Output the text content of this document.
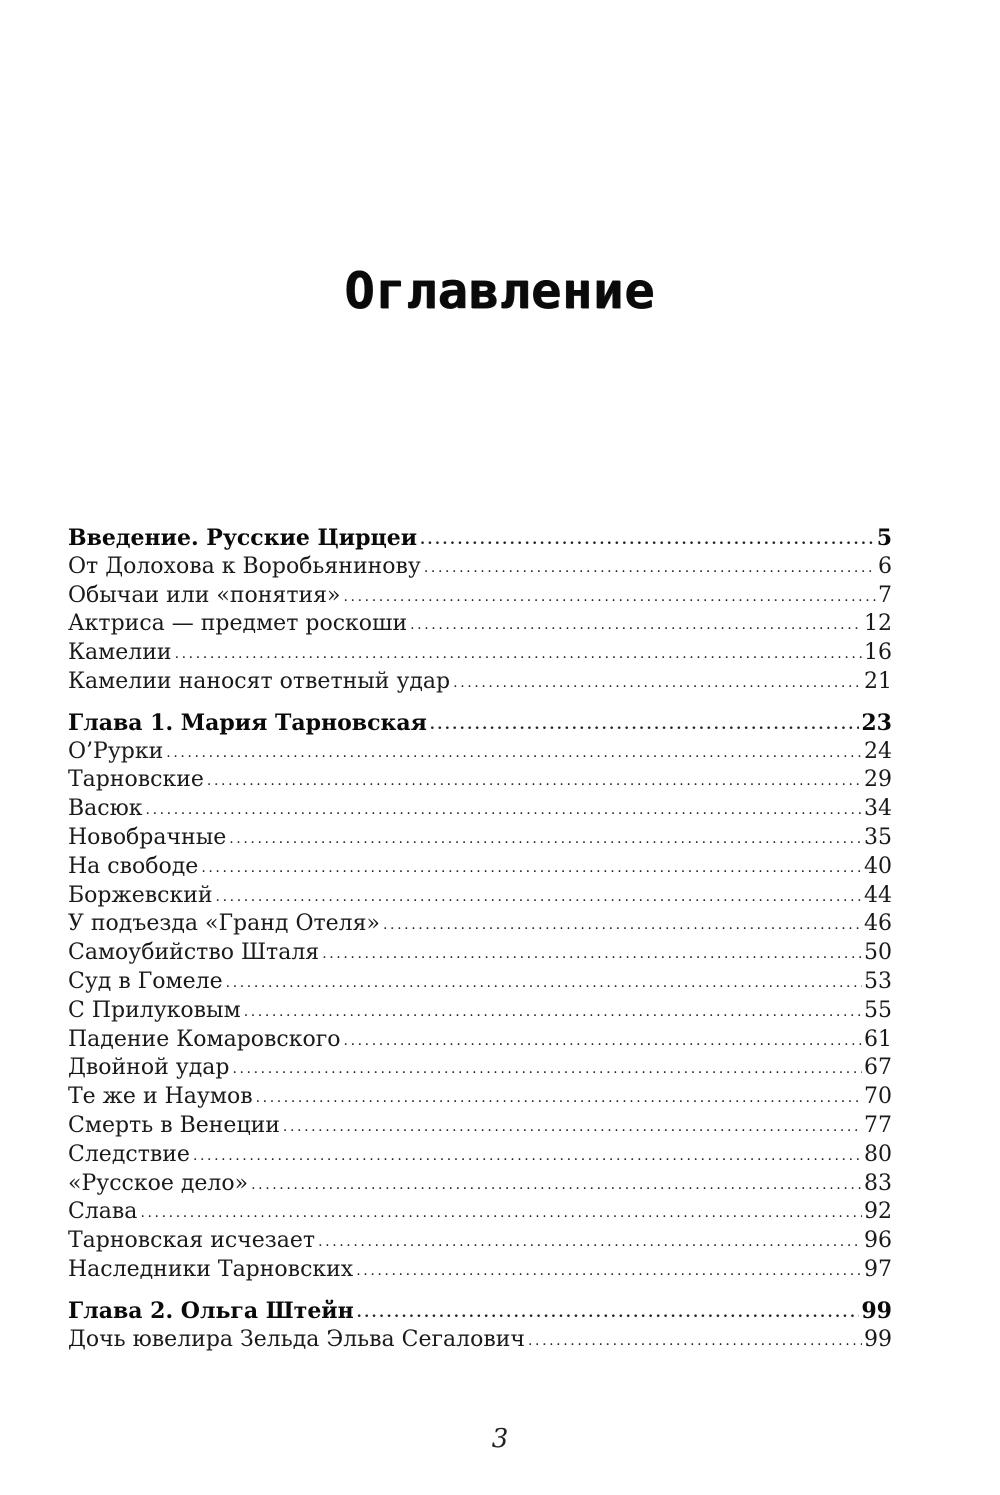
Оглавление
Введение. Русские Цирцеи .....	5
От Долохова к Воробьянинову .....	6
Обычаи или «понятия» .....	7
Актриса — предмет роскоши .....	12
Камелии .....	16
Камелии наносят ответный удар .....	21
Глава 1. Мария Тарновская .....	23
О’Рурки .....	24
Тарновские .....	29
Васюк .....	34
Новобрачные .....	35
На свободе .....	40
Боржевский .....	44
У подъезда «Гранд Отеля» .....	46
Самоубийство Шталя .....	50
Суд в Гомеле .....	53
С Прилуковым .....	55
Падение Комаровского .....	61
Двойной удар .....	67
Те же и Наумов .....	70
Смерть в Венеции .....	77
Следствие .....	80
«Русское дело» .....	83
Слава .....	92
Тарновская исчезает .....	96
Наследники Тарновских .....	97
Глава 2. Ольга Штейн .....	99
Дочь ювелира Зельда Эльва Сегалович .....	99
3
